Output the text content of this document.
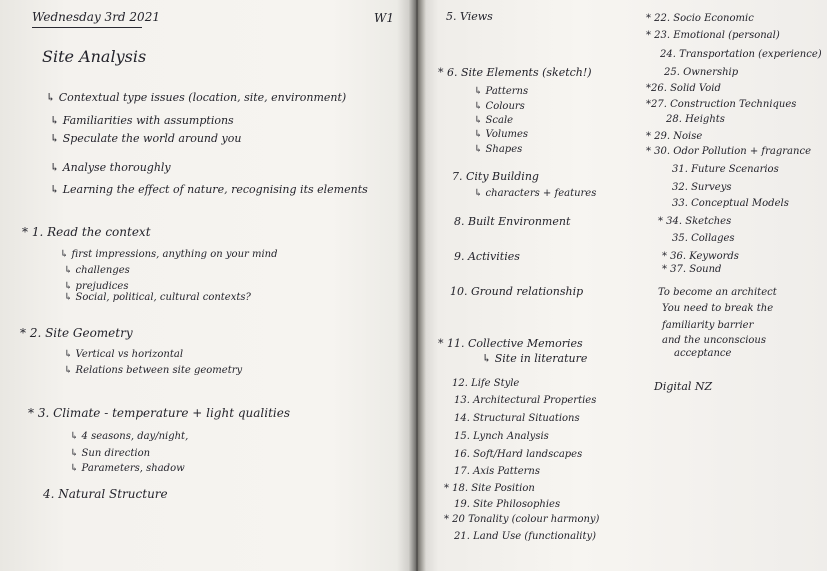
Wednesday 3rd 2021
Site Analysis
↳ Contextual type issues (location, site, environment)
↳ Familiarities with assumptions
↳ Speculate the world around you
↳ Analyse thoroughly
↳ Learning the effect of nature, recognising its elements
* 1. Read the context
↳ first impressions, anything on your mind
↳ challenges
↳ prejudices
↳ Social, political, cultural contexts?
* 2. Site Geometry
↳ Vertical vs horizontal
↳ Relations between site geometry
* 3. Climate - temperature + light qualities
↳ 4 seasons, day/night,
↳ Sun direction
↳ Parameters, shadow
4. Natural Structure
W1	5. Views
* 6. Site Elements (sketch!)
↳ Patterns
↳ Colours
↳ Scale
↳ Volumes
↳ Shapes
7. City Building
↳ characters + features
8. Built Environment
9. Activities
10. Ground relationship
* 11. Collective Memories
↳ Site in literature
12. Life Style
13. Architectural Properties
14. Structural Situations
15. Lynch Analysis
16. Soft/Hard landscapes
17. Axis Patterns
* 18. Site Position
19. Site Philosophies
* 20 Tonality (colour harmony)
21. Land Use (functionality)
* 22. Socio Economic
* 23. Emotional (personal)
24. Transportation (experience)
25. Ownership
*26. Solid Void
*27. Construction Techniques
28. Heights
* 29. Noise
* 30. Odor Pollution + fragrance
31. Future Scenarios
32. Surveys
33. Conceptual Models
* 34. Sketches
35. Collages
* 36. Keywords
* 37. Sound
To become an architect
You need to break the
familiarity barrier
and the unconscious
acceptance
Digital NZ
